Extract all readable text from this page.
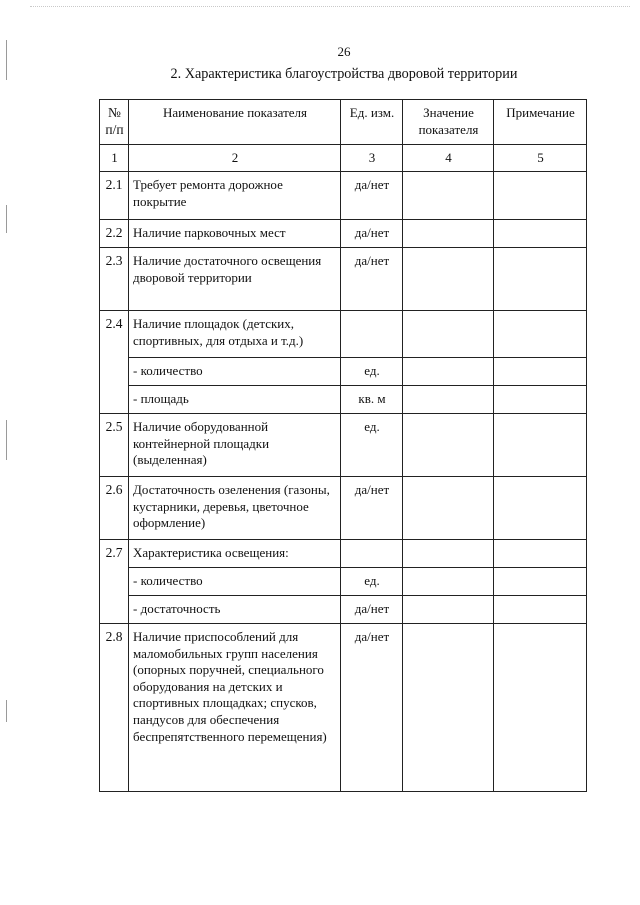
26
2. Характеристика благоустройства дворовой территории
№ п/п	Наименование показателя	Ед. изм.	Значение показателя	Примечание
1	2	3	4	5
2.1	Требует ремонта дорожное покрытие	да/нет		
2.2	Наличие парковочных мест	да/нет		
2.3	Наличие достаточного освещения дворовой территории	да/нет		
2.4	Наличие площадок (детских, спортивных, для отдыха и т.д.)			
	- количество	ед.		
	- площадь	кв. м		
2.5	Наличие оборудованной контейнерной площадки (выделенная)	ед.		
2.6	Достаточность озеленения (газоны, кустарники, деревья, цветочное оформление)	да/нет		
2.7	Характеристика освещения:			
	- количество	ед.		
	- достаточность	да/нет		
2.8	Наличие приспособлений для маломобильных групп населения (опорных поручней, специального оборудования на детских и спортивных площадках; спусков, пандусов для обеспечения беспрепятственного перемещения)	да/нет		
